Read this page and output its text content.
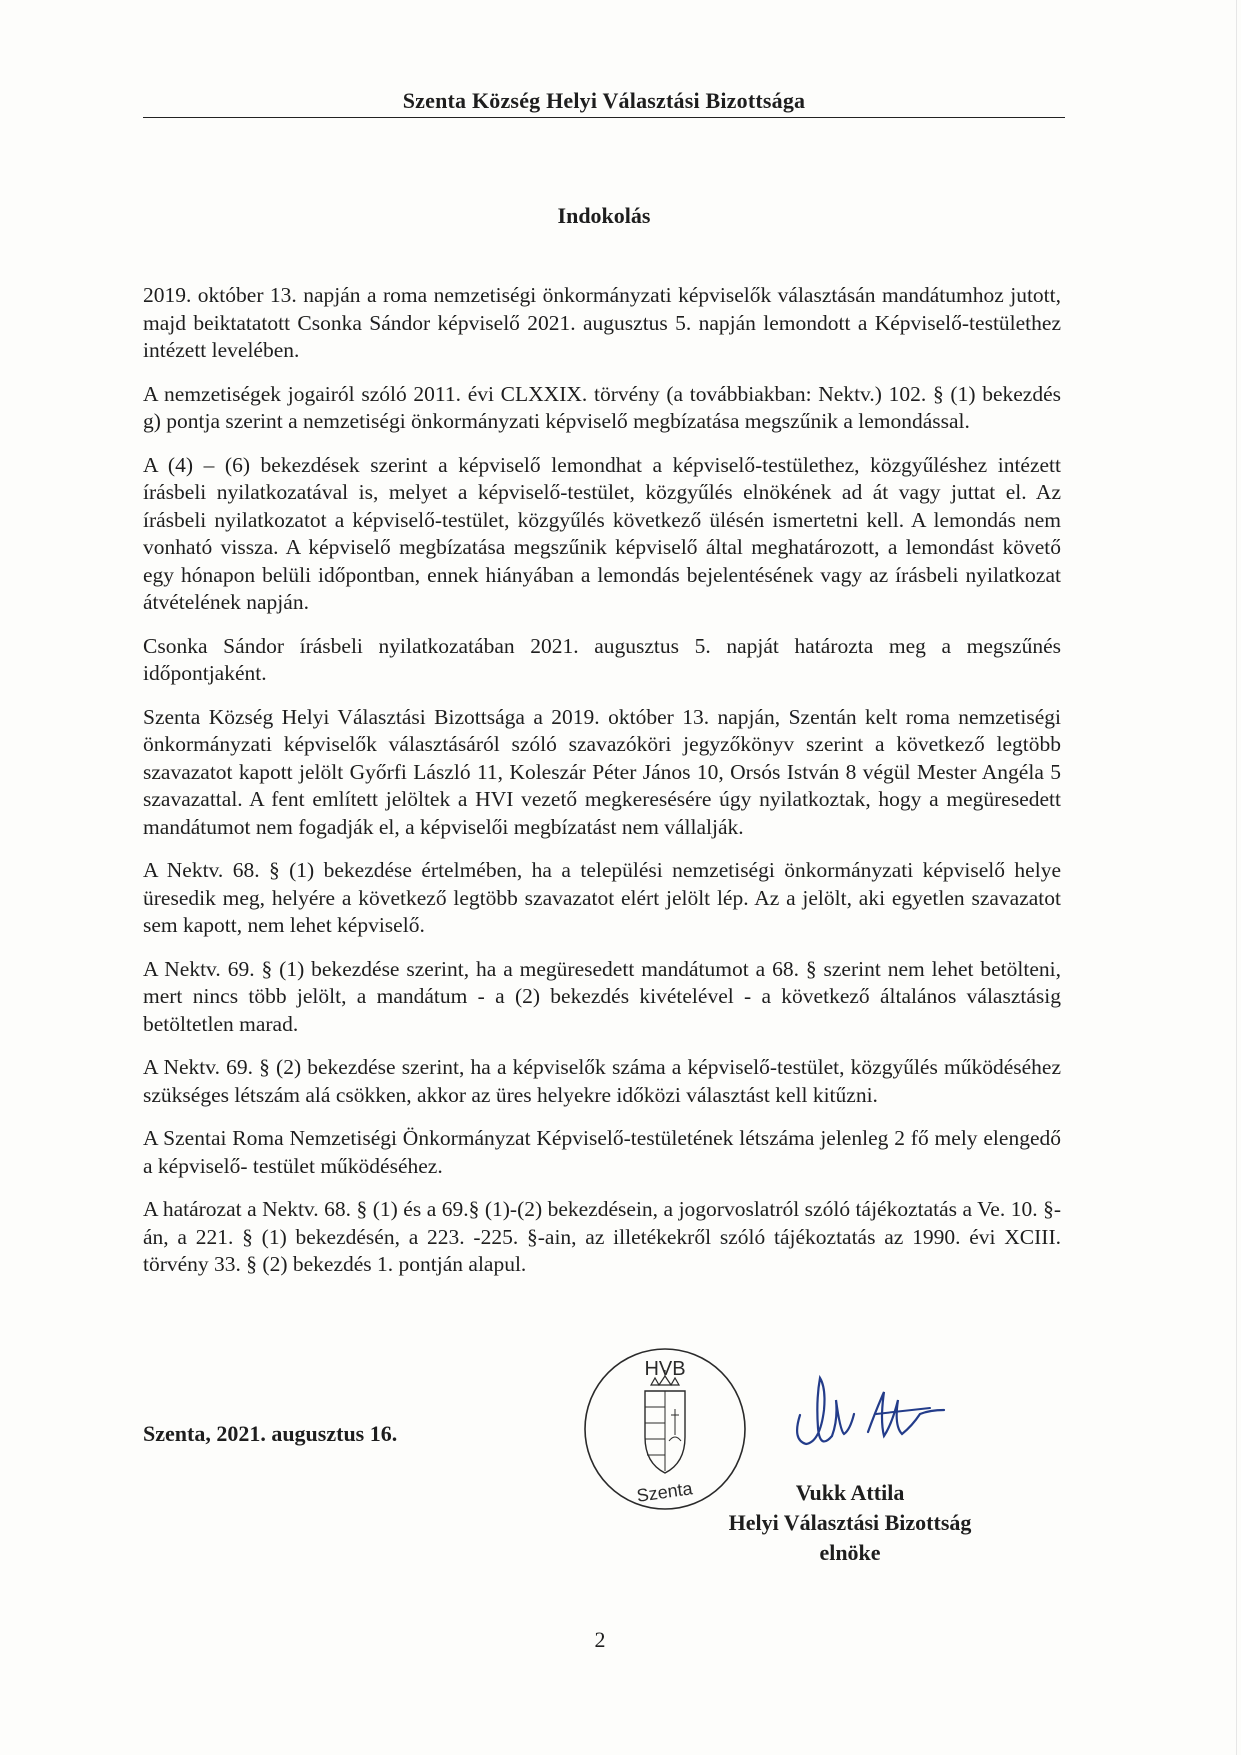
Szenta Község Helyi Választási Bizottsága
Indokolás

2019. október 13. napján a roma nemzetiségi önkormányzati képviselők választásán mandátumhoz jutott, majd beiktatatott Csonka Sándor képviselő 2021. augusztus 5. napján lemondott a Képviselő-testülethez intézett levelében.

A nemzetiségek jogairól szóló 2011. évi CLXXIX. törvény (a továbbiakban: Nektv.) 102. § (1) bekezdés g) pontja szerint a nemzetiségi önkormányzati képviselő megbízatása megszűnik a lemondással.

A (4) – (6) bekezdések szerint a képviselő lemondhat a képviselő-testülethez, közgyűléshez intézett írásbeli nyilatkozatával is, melyet a képviselő-testület, közgyűlés elnökének ad át vagy juttat el. Az írásbeli nyilatkozatot a képviselő-testület, közgyűlés következő ülésén ismertetni kell. A lemondás nem vonható vissza. A képviselő megbízatása megszűnik képviselő által meghatározott, a lemondást követő egy hónapon belüli időpontban, ennek hiányában a lemondás bejelentésének vagy az írásbeli nyilatkozat átvételének napján.

Csonka Sándor írásbeli nyilatkozatában 2021. augusztus 5. napját határozta meg a megszűnés időpontjaként.

Szenta Község Helyi Választási Bizottsága a 2019. október 13. napján, Szentán kelt roma nemzetiségi önkormányzati képviselők választásáról szóló szavazóköri jegyzőkönyv szerint a következő legtöbb szavazatot kapott jelölt Győrfi László 11, Koleszár Péter János 10, Orsós István 8 végül Mester Angéla 5 szavazattal. A fent említett jelöltek a HVI vezető megkeresésére úgy nyilatkoztak, hogy a megüresedett mandátumot nem fogadják el, a képviselői megbízatást nem vállalják.

A Nektv. 68. § (1) bekezdése értelmében, ha a települési nemzetiségi önkormányzati képviselő helye üresedik meg, helyére a következő legtöbb szavazatot elért jelölt lép. Az a jelölt, aki egyetlen szavazatot sem kapott, nem lehet képviselő.

A Nektv. 69. § (1) bekezdése szerint, ha a megüresedett mandátumot a 68. § szerint nem lehet betölteni, mert nincs több jelölt, a mandátum - a (2) bekezdés kivételével - a következő általános választásig betöltetlen marad.

A Nektv. 69. § (2) bekezdése szerint, ha a képviselők száma a képviselő-testület, közgyűlés működéséhez szükséges létszám alá csökken, akkor az üres helyekre időközi választást kell kitűzni.

A Szentai Roma Nemzetiségi Önkormányzat Képviselő-testületének létszáma jelenleg 2 fő mely elengedő a képviselő- testület működéséhez.

A határozat a Nektv. 68. § (1) és a 69.§ (1)-(2) bekezdésein, a jogorvoslatról szóló tájékoztatás a Ve. 10. §-án, a 221. § (1) bekezdésén, a 223. -225. §-ain, az illetékekről szóló tájékoztatás az 1990. évi XCIII. törvény 33. § (2) bekezdés 1. pontján alapul.

Szenta, 2021. augusztus 16.
HVB
Szenta	Vukk Attila
Helyi Választási Bizottság
elnöke
2
